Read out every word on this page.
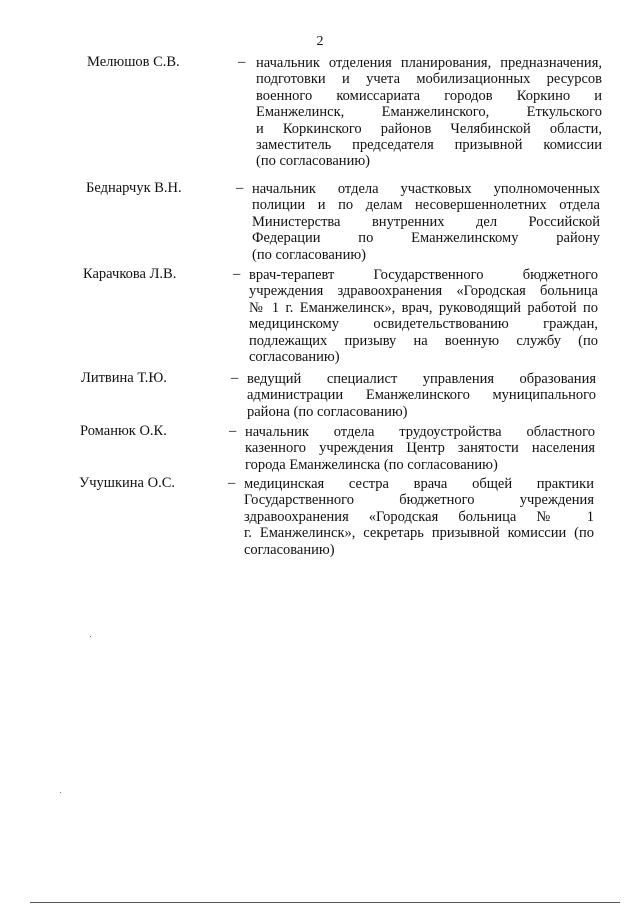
2
Мелюшов С.В.	– начальник отделения планирования, предназначения,
подготовки и учета мобилизационных ресурсов
военного комиссариата городов Коркино и
Еманжелинск, Еманжелинского, Еткульского
и Коркинского районов Челябинской области,
заместитель председателя призывной комиссии
(по согласованию)
Беднарчук В.Н.	– начальник отдела участковых уполномоченных
полиции и по делам несовершеннолетних отдела
Министерства внутренних дел Российской
Федерации по Еманжелинскому району
(по согласованию)
Карачкова Л.В.	– врач-терапевт Государственного бюджетного
учреждения здравоохранения «Городская больница
№ 1 г. Еманжелинск», врач, руководящий работой по
медицинскому освидетельствованию граждан,
подлежащих призыву на военную службу (по
согласованию)
Литвина Т.Ю.	– ведущий специалист управления образования
администрации Еманжелинского муниципального
района (по согласованию)
Романюк О.К.	– начальник отдела трудоустройства областного
казенного учреждения Центр занятости населения
города Еманжелинска (по согласованию)
Учушкина О.С.	– медицинская сестра врача общей практики
Государственного бюджетного учреждения
здравоохранения «Городская больница № 1
г. Еманжелинск», секретарь призывной комиссии (по
согласованию)
